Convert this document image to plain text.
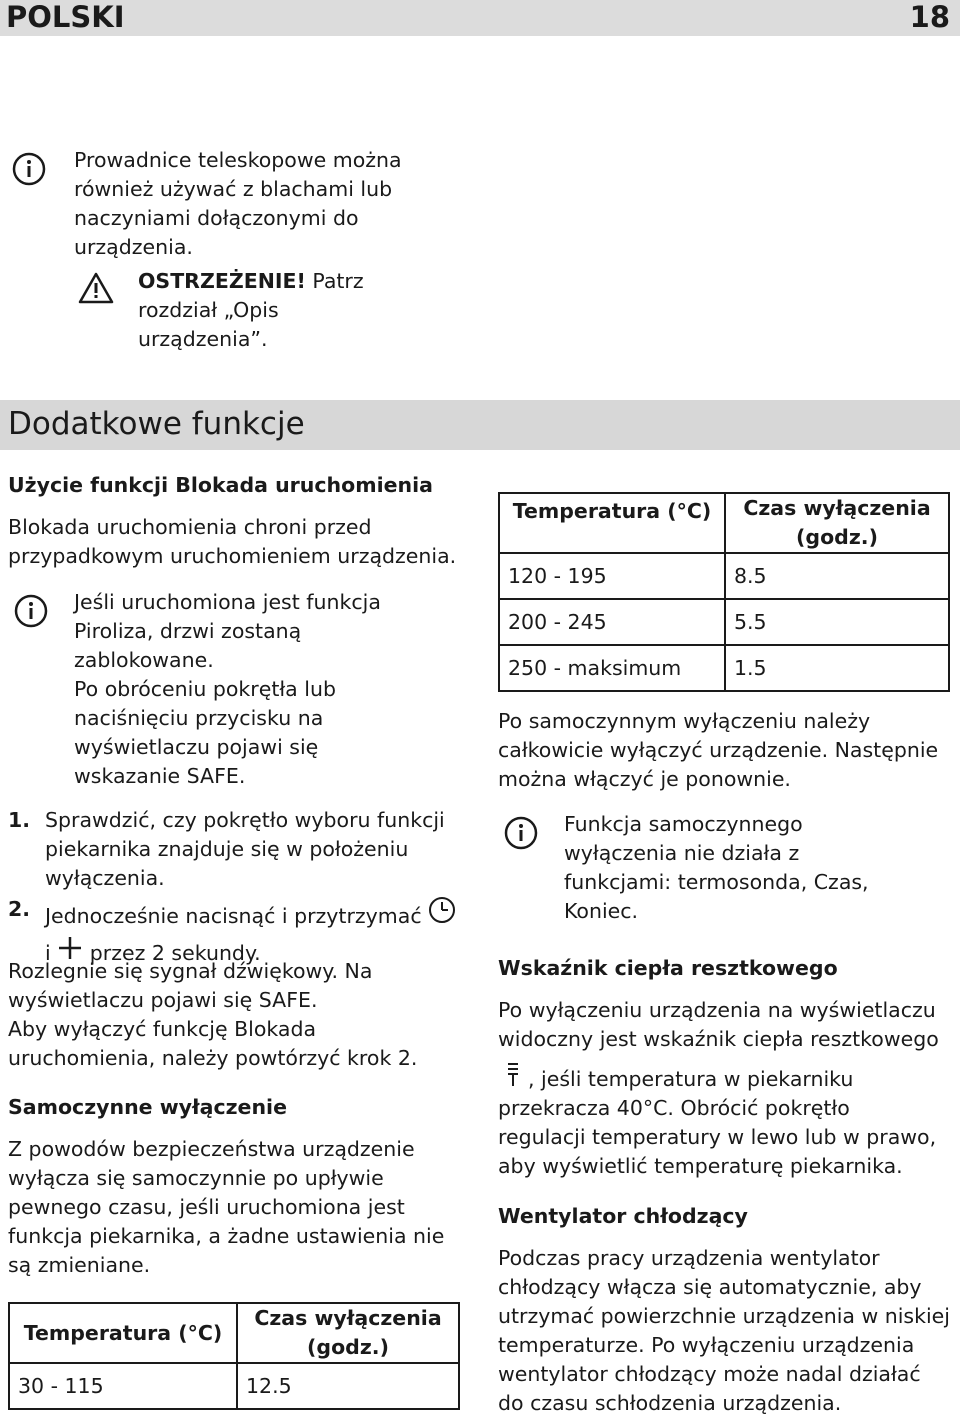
POLSKI	18
Prowadnice teleskopowe można
również używać z blachami lub
naczyniami dołączonymi do
urządzenia.
OSTRZEŻENIE! Patrz
rozdział „Opis
urządzenia”.
Dodatkowe funkcje
Użycie funkcji Blokada uruchomienia
Blokada uruchomienia chroni przed
przypadkowym uruchomieniem urządzenia.
Jeśli uruchomiona jest funkcja
Piroliza, drzwi zostaną
zablokowane.
Po obróceniu pokrętła lub
naciśnięciu przycisku na
wyświetlaczu pojawi się
wskazanie SAFE.
1. Sprawdzić, czy pokrętło wyboru funkcji
piekarnika znajduje się w położeniu
wyłączenia.
2. Jednocześnie nacisnąć i przytrzymać
i przez 2 sekundy.
Rozlegnie się sygnał dźwiękowy. Na
wyświetlaczu pojawi się SAFE.
Aby wyłączyć funkcję Blokada
uruchomienia, należy powtórzyć krok 2.
Samoczynne wyłączenie
Z powodów bezpieczeństwa urządzenie
wyłącza się samoczynnie po upływie
pewnego czasu, jeśli uruchomiona jest
funkcja piekarnika, a żadne ustawienia nie
są zmieniane.
Temperatura (°C)	Czas wyłączenia
(godz.)

30 - 115	12.5
Temperatura (°C)	Czas wyłączenia
(godz.)

120 - 195	8.5
200 - 245	5.5
250 - maksimum	1.5
Po samoczynnym wyłączeniu należy
całkowicie wyłączyć urządzenie. Następnie
można włączyć je ponownie.
Funkcja samoczynnego
wyłączenia nie działa z
funkcjami: termosonda, Czas,
Koniec.
Wskaźnik ciepła resztkowego
Po wyłączeniu urządzenia na wyświetlaczu
widoczny jest wskaźnik ciepła resztkowego
, jeśli temperatura w piekarniku
przekracza 40°C. Obrócić pokrętło
regulacji temperatury w lewo lub w prawo,
aby wyświetlić temperaturę piekarnika.
Wentylator chłodzący
Podczas pracy urządzenia wentylator
chłodzący włącza się automatycznie, aby
utrzymać powierzchnie urządzenia w niskiej
temperaturze. Po wyłączeniu urządzenia
wentylator chłodzący może nadal działać
do czasu schłodzenia urządzenia.
